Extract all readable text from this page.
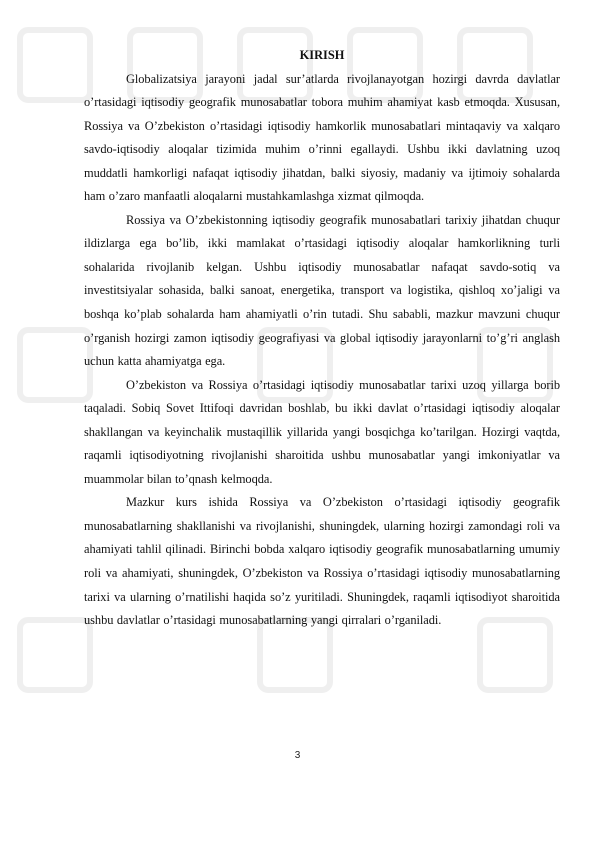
KIRISH

Globalizatsiya jarayoni jadal sur’atlarda rivojlanayotgan hozirgi davrda davlatlar o’rtasidagi iqtisodiy geografik munosabatlar tobora muhim ahamiyat kasb etmoqda. Xususan, Rossiya va O’zbekiston o’rtasidagi iqtisodiy hamkorlik munosabatlari mintaqaviy va xalqaro savdo-iqtisodiy aloqalar tizimida muhim o’rinni egallaydi. Ushbu ikki davlatning uzoq muddatli hamkorligi nafaqat iqtisodiy jihatdan, balki siyosiy, madaniy va ijtimoiy sohalarda ham o’zaro manfaatli aloqalarni mustahkamlashga xizmat qilmoqda.

Rossiya va O’zbekistonning iqtisodiy geografik munosabatlari tarixiy jihatdan chuqur ildizlarga ega bo’lib, ikki mamlakat o’rtasidagi iqtisodiy aloqalar hamkorlikning turli sohalarida rivojlanib kelgan. Ushbu iqtisodiy munosabatlar nafaqat savdo-sotiq va investitsiyalar sohasida, balki sanoat, energetika, transport va logistika, qishloq xo’jaligi va boshqa ko’plab sohalarda ham ahamiyatli o’rin tutadi. Shu sababli, mazkur mavzuni chuqur o’rganish hozirgi zamon iqtisodiy geografiyasi va global iqtisodiy jarayonlarni to’g’ri anglash uchun katta ahamiyatga ega.

O’zbekiston va Rossiya o’rtasidagi iqtisodiy munosabatlar tarixi uzoq yillarga borib taqaladi. Sobiq Sovet Ittifoqi davridan boshlab, bu ikki davlat o’rtasidagi iqtisodiy aloqalar shakllangan va keyinchalik mustaqillik yillarida yangi bosqichga ko’tarilgan. Hozirgi vaqtda, raqamli iqtisodiyotning rivojlanishi sharoitida ushbu munosabatlar yangi imkoniyatlar va muammolar bilan to’qnash kelmoqda.

Mazkur kurs ishida Rossiya va O’zbekiston o’rtasidagi iqtisodiy geografik munosabatlarning shakllanishi va rivojlanishi, shuningdek, ularning hozirgi zamondagi roli va ahamiyati tahlil qilinadi. Birinchi bobda xalqaro iqtisodiy geografik munosabatlarning umumiy roli va ahamiyati, shuningdek, O’zbekiston va Rossiya o’rtasidagi iqtisodiy munosabatlarning tarixi va ularning o’rnatilishi haqida so’z yuritiladi. Shuningdek, raqamli iqtisodiyot sharoitida ushbu davlatlar o’rtasidagi munosabatlarning yangi qirralari o’rganiladi.

3
